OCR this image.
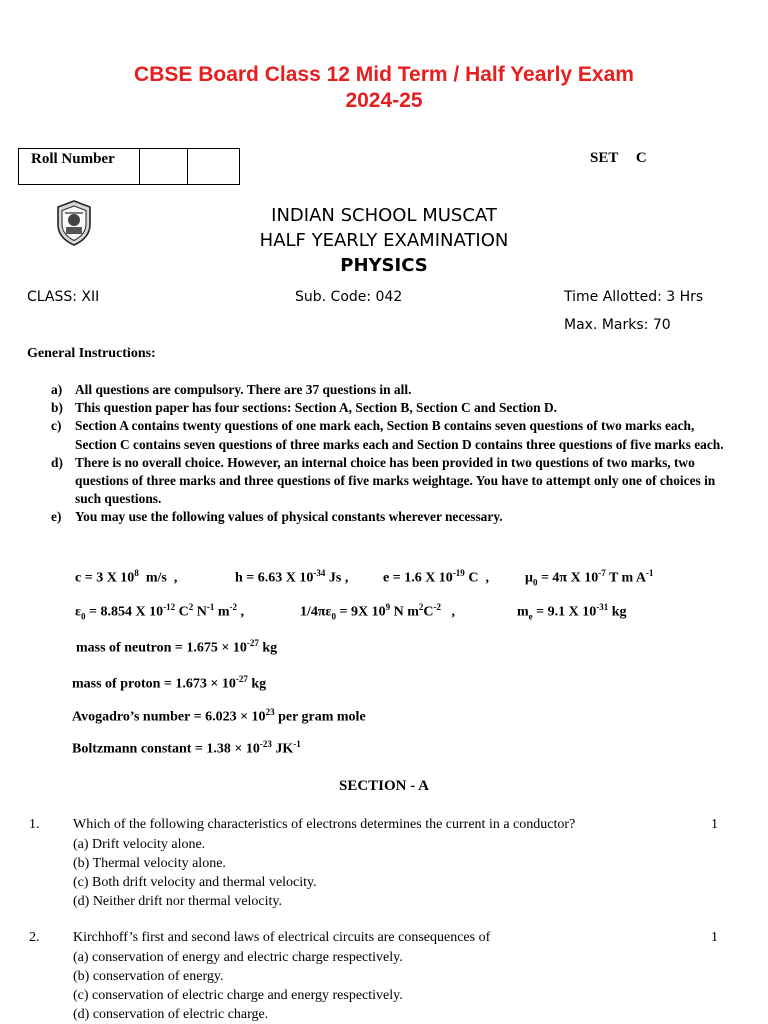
CBSE Board Class 12 Mid Term / Half Yearly Exam
2024-25
Roll Number	SET C
INDIAN SCHOOL MUSCAT
HALF YEARLY EXAMINATION
PHYSICS
CLASS: XII	Sub. Code: 042	Time Allotted: 3 Hrs
Max. Marks: 70
General Instructions:
a) All questions are compulsory. There are 37 questions in all.
b) This question paper has four sections: Section A, Section B, Section C and Section D.
c)	Section A contains twenty questions of one mark each, Section B contains seven questions of two marks each, Section C contains seven questions of three marks each and Section D contains three questions of five marks each.
d) There is no overall choice. However, an internal choice has been provided in two questions of two marks, two questions of three marks and three questions of five marks weightage. You have to attempt only one of choices in such questions.
e)	You may use the following values of physical constants wherever necessary.
c = 3 X $10^8$ m/s  ,	h = 6.63 X $10^{-34}$ Js , e = 1.6 X $10^{-19}$ C  ,	$\mu_0 = 4\pi$ X $10^{-7}$ T m $A^{-1}$
$\varepsilon_0 = 8.854$ X $10^{-12}$ $C^2$ $N^{-1}$ $m^{-2}$ ,	$1/4\pi\varepsilon_0 = 9X$ $10^9$ N $m^2C^{-2}$   ,	$m_e = 9.1$ X $10^{-31}$ kg
mass of neutron = $1.675 \times 10^{-27}$ kg
mass of proton = $1.673 \times 10^{-27}$ kg
Avogadro’s number = $6.023 \times 10^{23}$ per gram mole
Boltzmann constant = $1.38 \times 10^{-23}$ $JK^{-1}$
SECTION - A
1. Which of the following characteristics of electrons determines the current in a conductor?	1
(a) Drift velocity alone.
(b) Thermal velocity alone.
(c) Both drift velocity and thermal velocity.
(d) Neither drift nor thermal velocity.
2. Kirchhoff’s first and second laws of electrical circuits are consequences of	1
(a) conservation of energy and electric charge respectively.
(b) conservation of energy.
(c) conservation of electric charge and energy respectively.
(d) conservation of electric charge.
